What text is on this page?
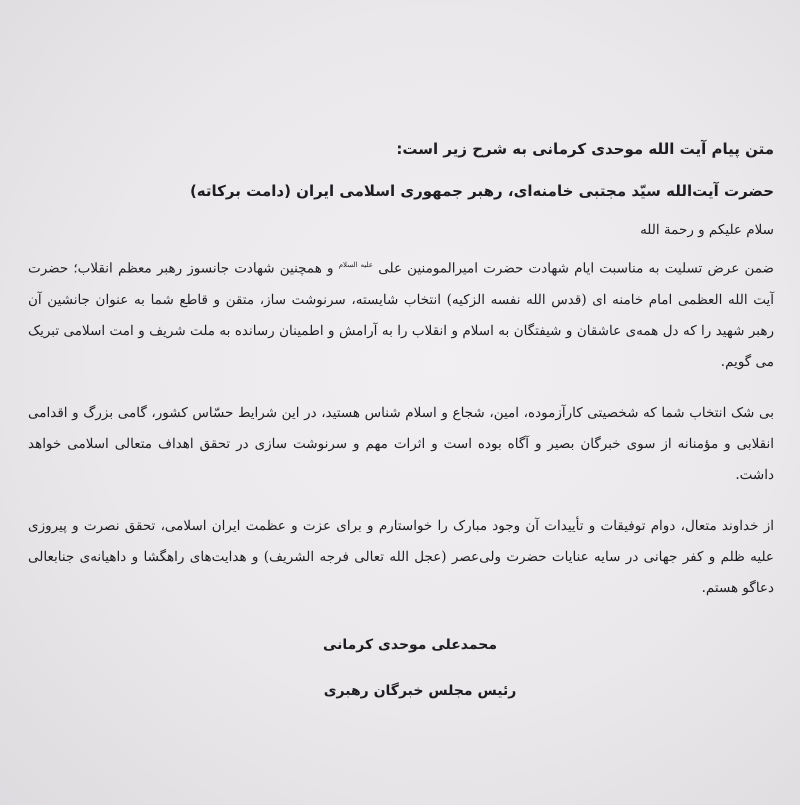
متن پیام آیت الله موحدی کرمانی به شرح زیر است:

حضرت آیت‌الله سیّد مجتبی خامنه‌ای، رهبر جمهوری اسلامی ایران (دامت برکاته)

سلام علیکم و رحمة الله

ضمن عرض تسلیت به مناسبت ایام شهادت حضرت امیرالمومنین علی $^{علیه السلام}$ و همچنین شهادت جانسوز رهبر معظم انقلاب؛ حضرت آیت الله العظمی امام خامنه ای (قدس الله نفسه الزکیه) انتخاب شایسته، سرنوشت ساز، متقن و قاطع شما به عنوان جانشین آن رهبر شهید را که دل همه‌ی عاشقان و شیفتگان به اسلام و انقلاب را به آرامش و اطمینان رسانده به ملت شریف و امت اسلامی تبریک می گویم.

بی شک انتخاب شما که شخصیتی کارآزموده، امین، شجاع و اسلام شناس هستید، در این شرایط حسّاس کشور، گامی بزرگ و اقدامی انقلابی و مؤمنانه از سوی خبرگان بصیر و آگاه بوده است و اثرات مهم و سرنوشت سازی در تحقق اهداف متعالی اسلامی خواهد داشت.

از خداوند متعال، دوام توفیقات و تأییدات آن وجود مبارک را خواستارم و برای عزت و عظمت ایران اسلامی، تحقق نصرت و پیروزی علیه ظلم و کفر جهانی در سایه عنایات حضرت ولی‌عصر (عجل الله تعالی فرجه الشریف) و هدایت‌های راهگشا و داهیانه‌ی جنابعالی دعاگو هستم.

محمدعلی موحدی کرمانی

رئیس مجلس خبرگان رهبری
